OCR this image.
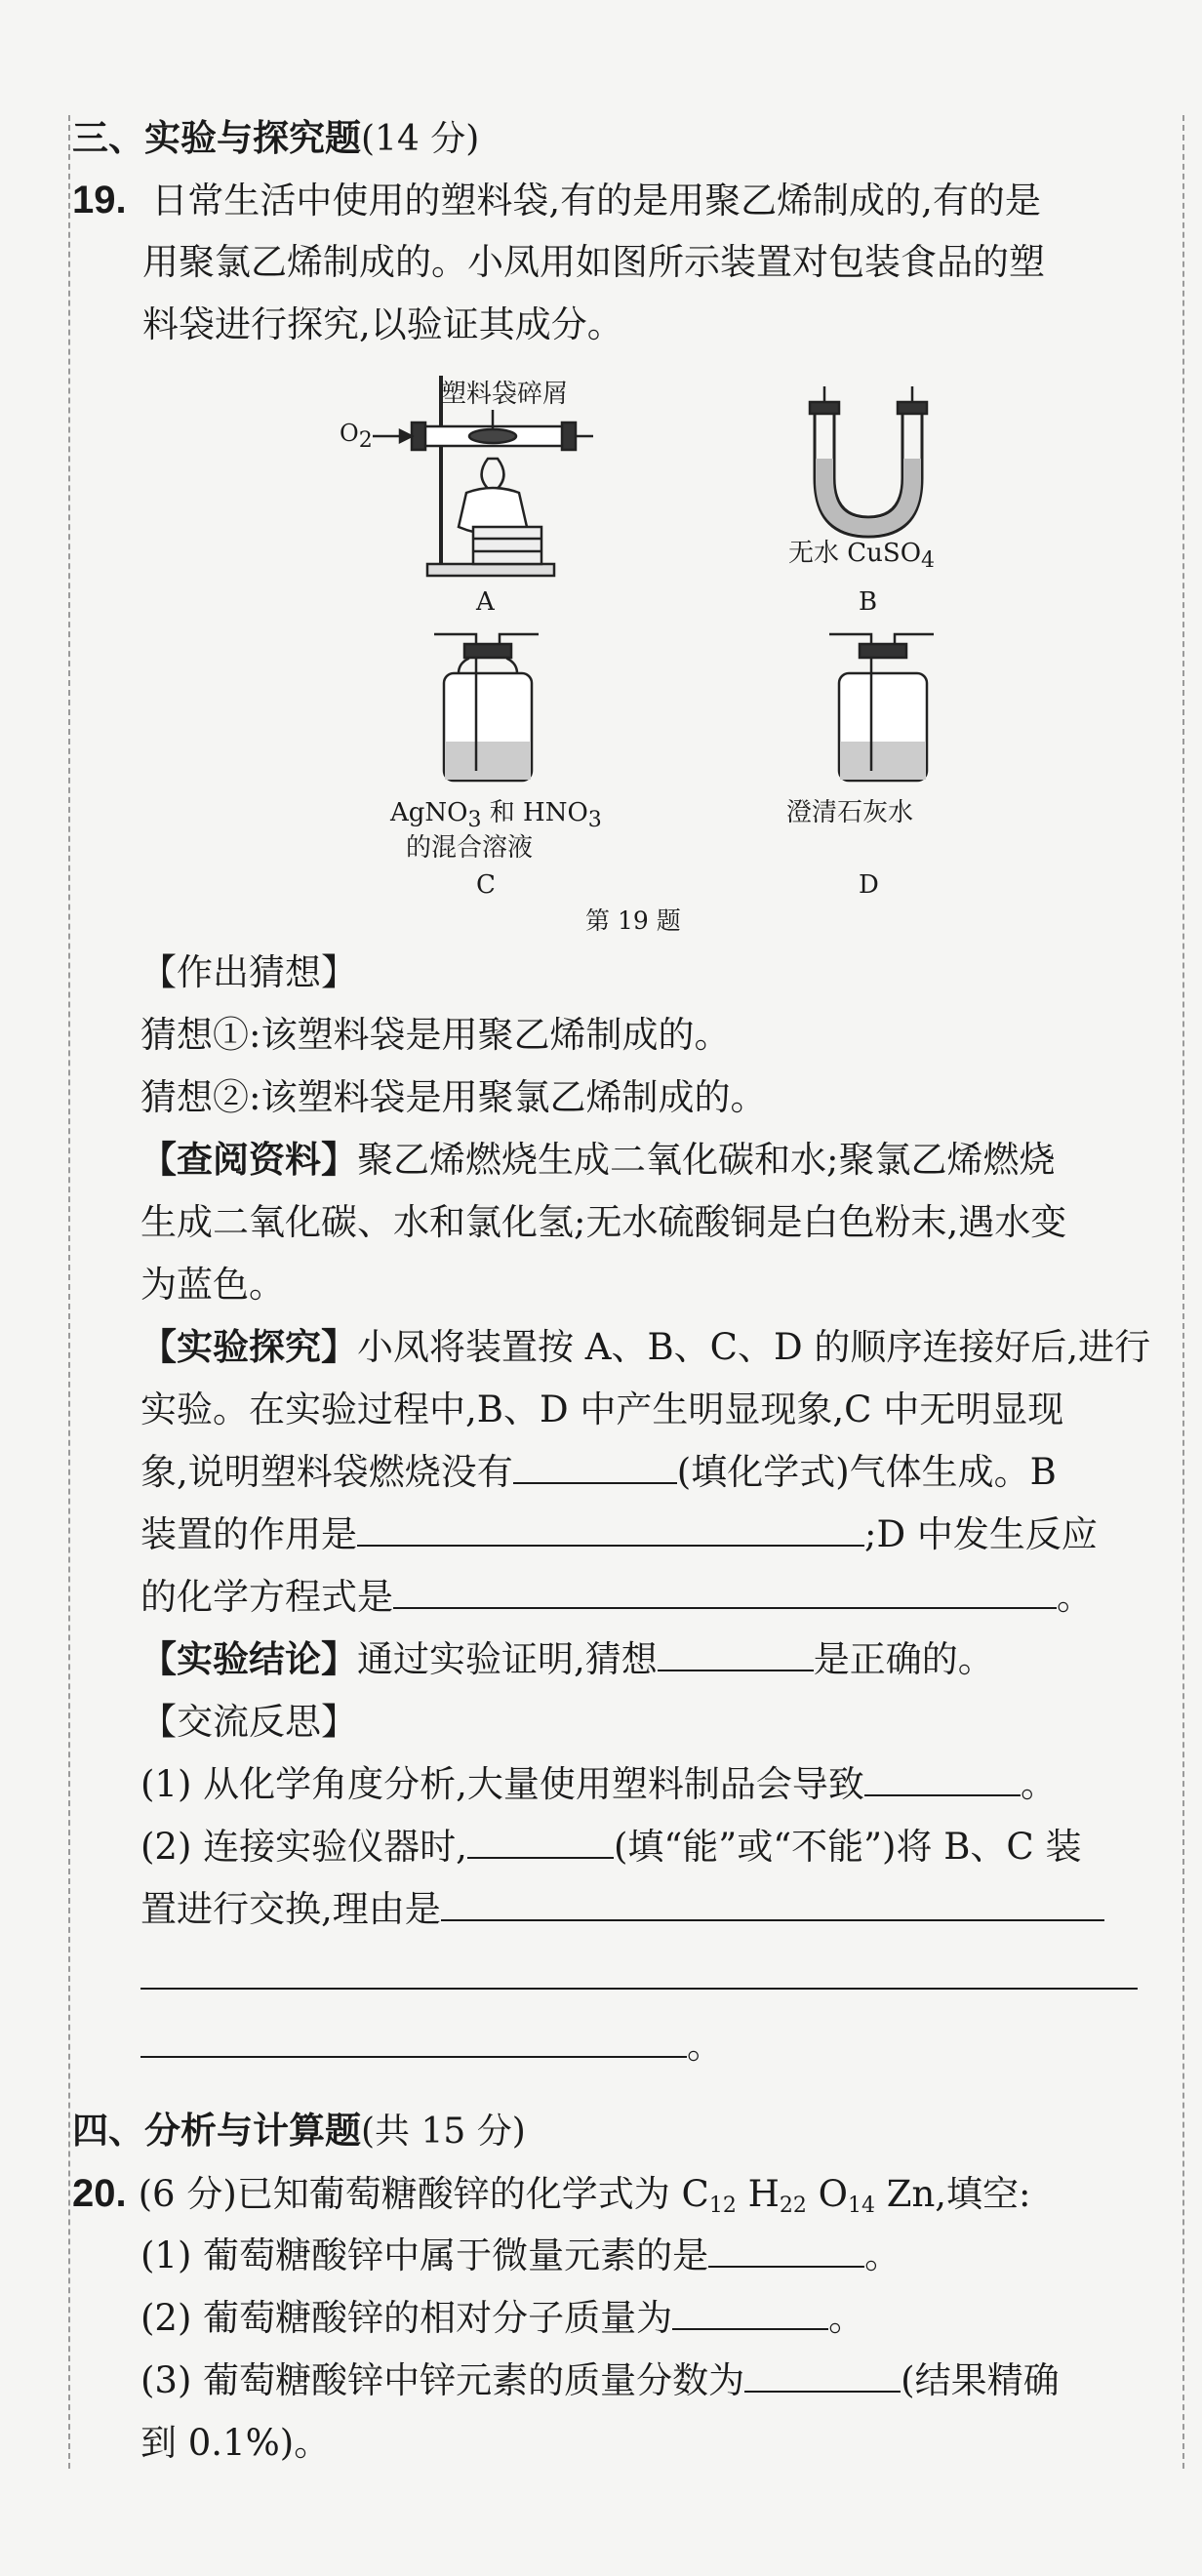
三、实验与探究题(14 分)
19. 日常生活中使用的塑料袋,有的是用聚乙烯制成的,有的是
用聚氯乙烯制成的。小凤用如图所示装置对包装食品的塑
料袋进行探究,以验证其成分。
塑料袋碎屑
O2
A
无水 CuSO$_4$
B
AgNO$_3$ 和 $HNO_3$
的混合溶液
C
澄清石灰水
D
第 19 题
【作出猜想】
猜想①:该塑料袋是用聚乙烯制成的。
猜想②:该塑料袋是用聚氯乙烯制成的。
【查阅资料】聚乙烯燃烧生成二氧化碳和水;聚氯乙烯燃烧
生成二氧化碳、水和氯化氢;无水硫酸铜是白色粉末,遇水变
为蓝色。
【实验探究】小凤将装置按 A、B、C、D 的顺序连接好后,进行
实验。在实验过程中,B、D 中产生明显现象,C 中无明显现
象,说明塑料袋燃烧没有	(填化学式)气体生成。B
装置的作用是	;D 中发生反应
的化学方程式是	。
【实验结论】通过实验证明,猜想	是正确的。
【交流反思】
(1) 从化学角度分析,大量使用塑料制品会导致	。
(2) 连接实验仪器时,	(填“能”或“不能”)将 B、C 装
置进行交换,理由是
。
四、分析与计算题(共 15 分)
20. (6 分)已知葡萄糖酸锌的化学式为 $C_{12}$ $H_{22}$ $O_{14}$ Zn,填空:
(1) 葡萄糖酸锌中属于微量元素的是	。
(2) 葡萄糖酸锌的相对分子质量为	。
(3) 葡萄糖酸锌中锌元素的质量分数为	(结果精确
到 0.1%)。
